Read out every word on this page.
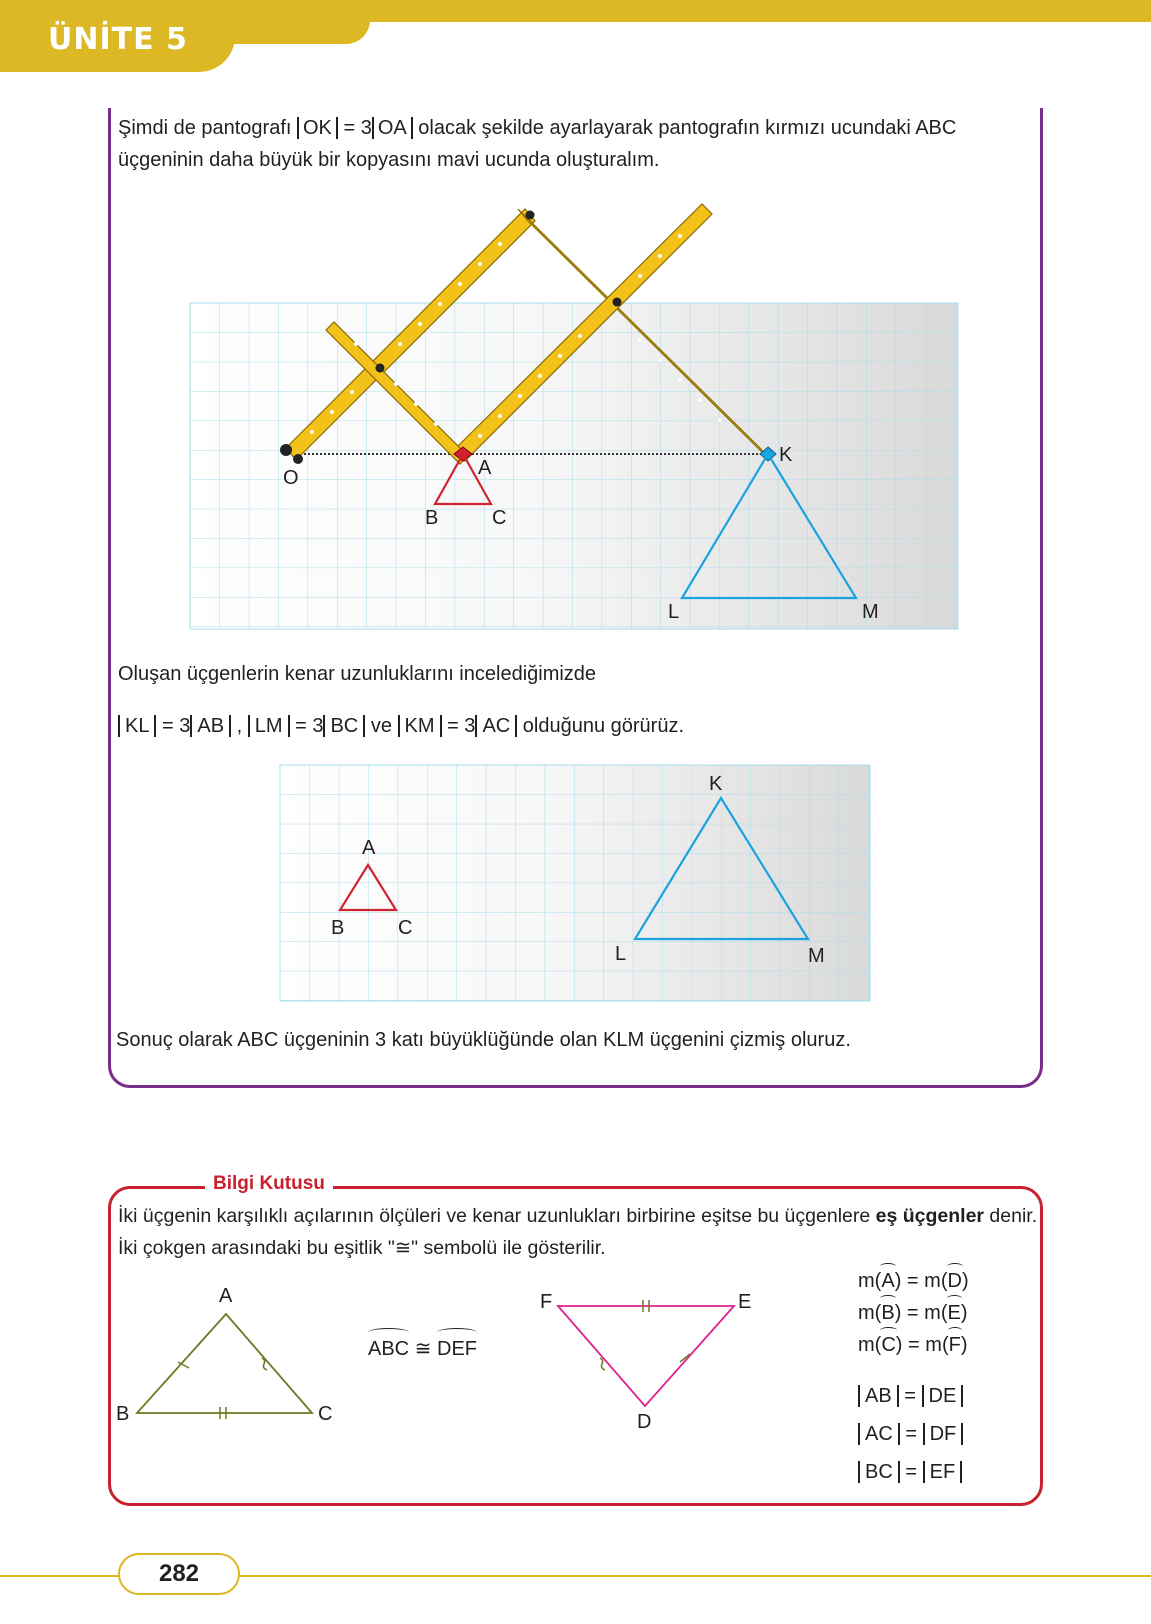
ÜNİTE 5
Şimdi de pantografı OK = 3 OA olacak şekilde ayarlayarak pantografın kırmızı ucundaki ABC
üçgeninin daha büyük bir kopyasını mavi ucunda oluşturalım.
O	A
B	C
K
L	M
Oluşan üçgenlerin kenar uzunluklarını incelediğimizde
KL = 3 AB , LM = 3 BC ve KM = 3 AC olduğunu görürüz.
A
B	C
K
L	M
Sonuç olarak ABC üçgeninin 3 katı büyüklüğünde olan KLM üçgenini çizmiş oluruz.
Bilgi Kutusu
İki üçgenin karşılıklı açılarının ölçüleri ve kenar uzunlukları birbirine eşitse bu üçgenlere eş üçgenler denir.
İki çokgen arasındaki bu eşitlik "≅" sembolü ile gösterilir.
A
B	C
F	E
D
ABC ≅
DEF
m(
A) = m(
D)
m(
B) = m(
E)
m(
C) = m(
F)
AB = DE
AC = DF
BC = EF
282
